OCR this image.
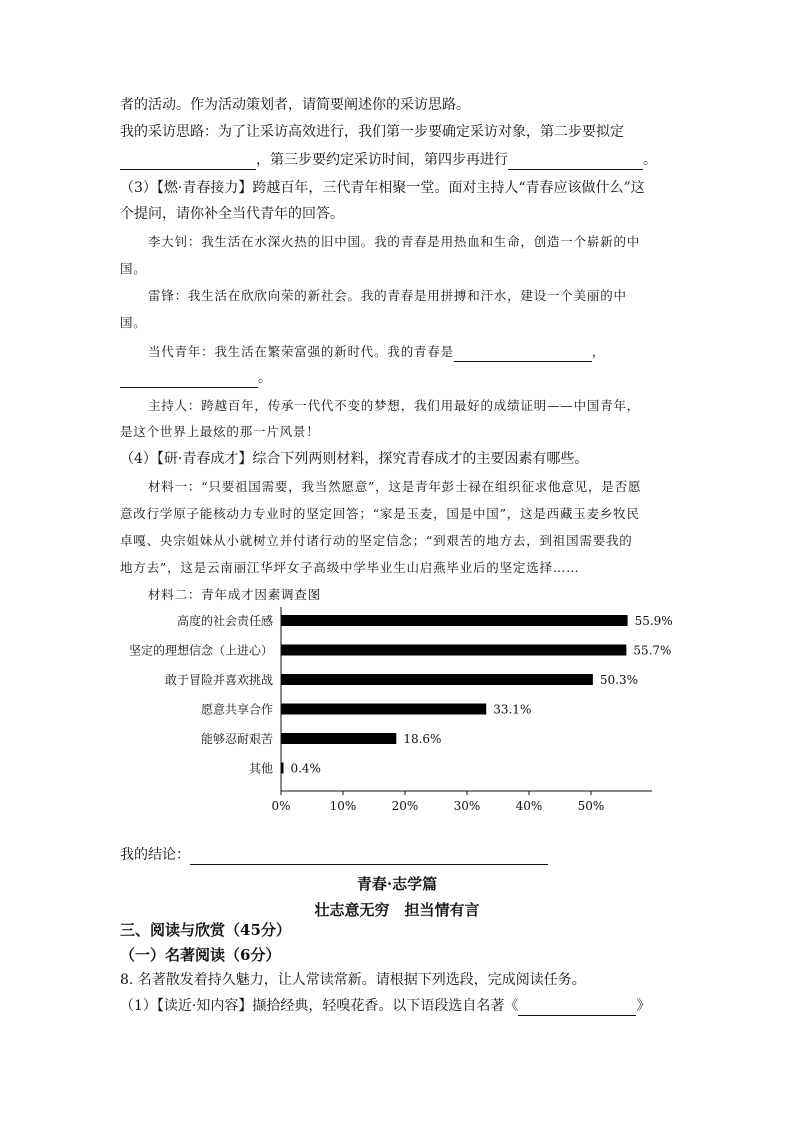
者的活动。作为活动策划者，请简要阐述你的采访思路。
我的采访思路：为了让采访高效进行，我们第一步要确定采访对象，第二步要拟定
，第三步要约定采访时间，第四步再进行	。
（3）【燃·青春接力】跨越百年，三代青年相聚一堂。面对主持人“青春应该做什么”这
个提问，请你补全当代青年的回答。
李大钊：我生活在水深火热的旧中国。我的青春是用热血和生命，创造一个崭新的中
国。
雷锋：我生活在欣欣向荣的新社会。我的青春是用拼搏和汗水，建设一个美丽的中
国。
当代青年：我生活在繁荣富强的新时代。我的青春是	，
。
主持人：跨越百年，传承一代代不变的梦想，我们用最好的成绩证明——中国青年，
是这个世界上最炫的那一片风景！
（4）【研·青春成才】综合下列两则材料，探究青春成才的主要因素有哪些。
材料一：“只要祖国需要，我当然愿意”，这是青年彭士禄在组织征求他意见，是否愿
意改行学原子能核动力专业时的坚定回答；“家是玉麦，国是中国”，这是西藏玉麦乡牧民
卓嘎、央宗姐妹从小就树立并付诸行动的坚定信念；“到艰苦的地方去，到祖国需要我的
地方去”，这是云南丽江华坪女子高级中学毕业生山启燕毕业后的坚定选择……
材料二：青年成才因素调查图
高度的社会责任感	55.9%
坚定的理想信念（上进心）	55.7%
敢于冒险并喜欢挑战	50.3%
愿意共享合作	33.1%
能够忍耐艰苦	18.6%
其他 0.4%
0%	10%	20%	30%	40%	50%
我的结论：
青春·志学篇
壮志意无穷　担当情有言
三、阅读与欣赏（45分）
（一）名著阅读（6分）
8. 名著散发着持久魅力，让人常读常新。请根据下列选段，完成阅读任务。
（1）【读近·知内容】撷拾经典，轻嗅花香。以下语段选自名著《	》
